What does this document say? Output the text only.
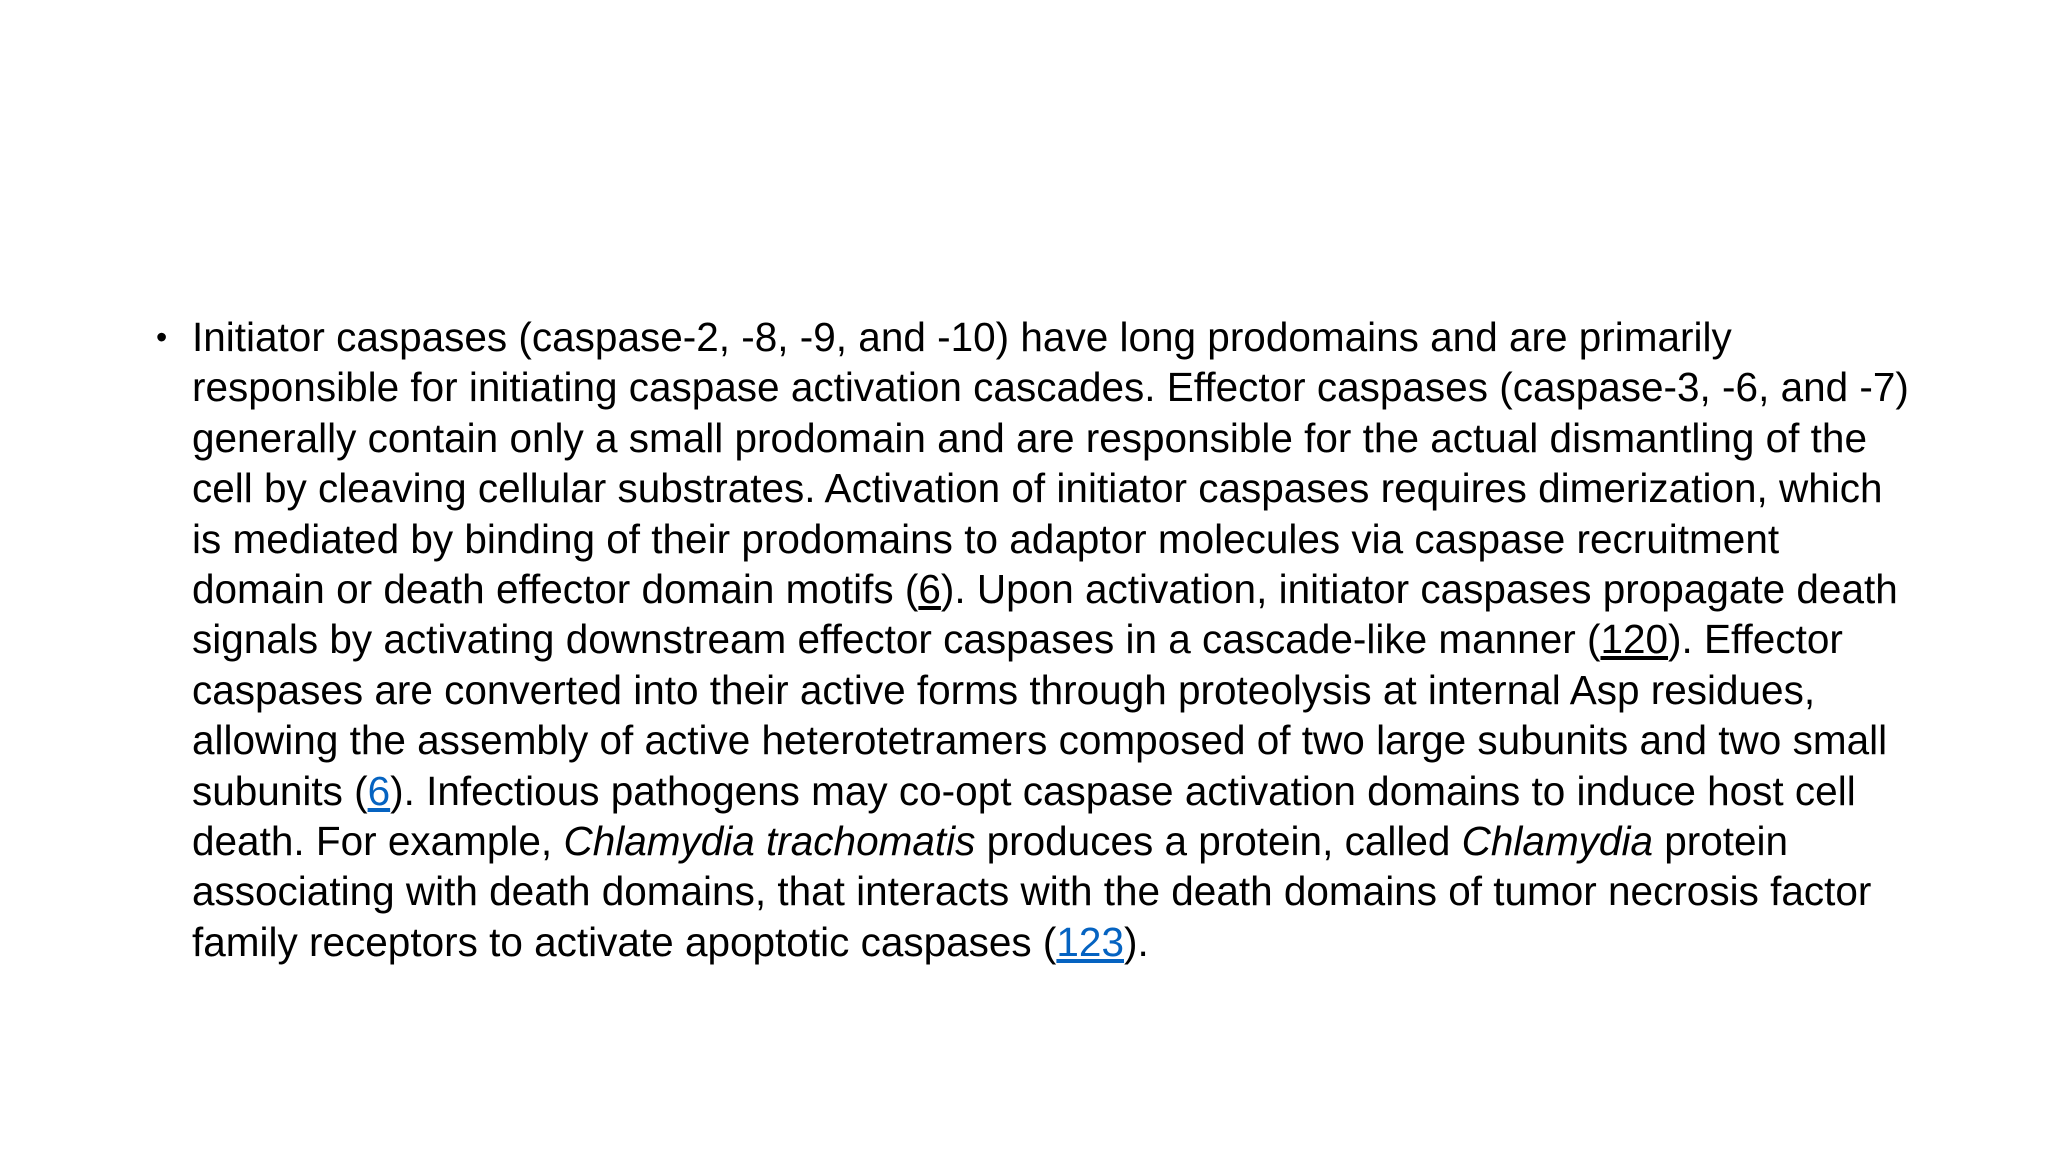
• Initiator caspases (caspase-2, -8, -9, and -10) have long prodomains and are primarily responsible for initiating caspase activation cascades. Effector caspases (caspase-3, -6, and -7) generally contain only a small prodomain and are responsible for the actual dismantling of the cell by cleaving cellular substrates. Activation of initiator caspases requires dimerization, which is mediated by binding of their prodomains to adaptor molecules via caspase recruitment domain or death effector domain motifs (6). Upon activation, initiator caspases propagate death signals by activating downstream effector caspases in a cascade-like manner (120). Effector caspases are converted into their active forms through proteolysis at internal Asp residues, allowing the assembly of active heterotetramers composed of two large subunits and two small subunits (6). Infectious pathogens may co-opt caspase activation domains to induce host cell death. For example, Chlamydia trachomatis produces a protein, called Chlamydia protein associating with death domains, that interacts with the death domains of tumor necrosis factor family receptors to activate apoptotic caspases (123).
